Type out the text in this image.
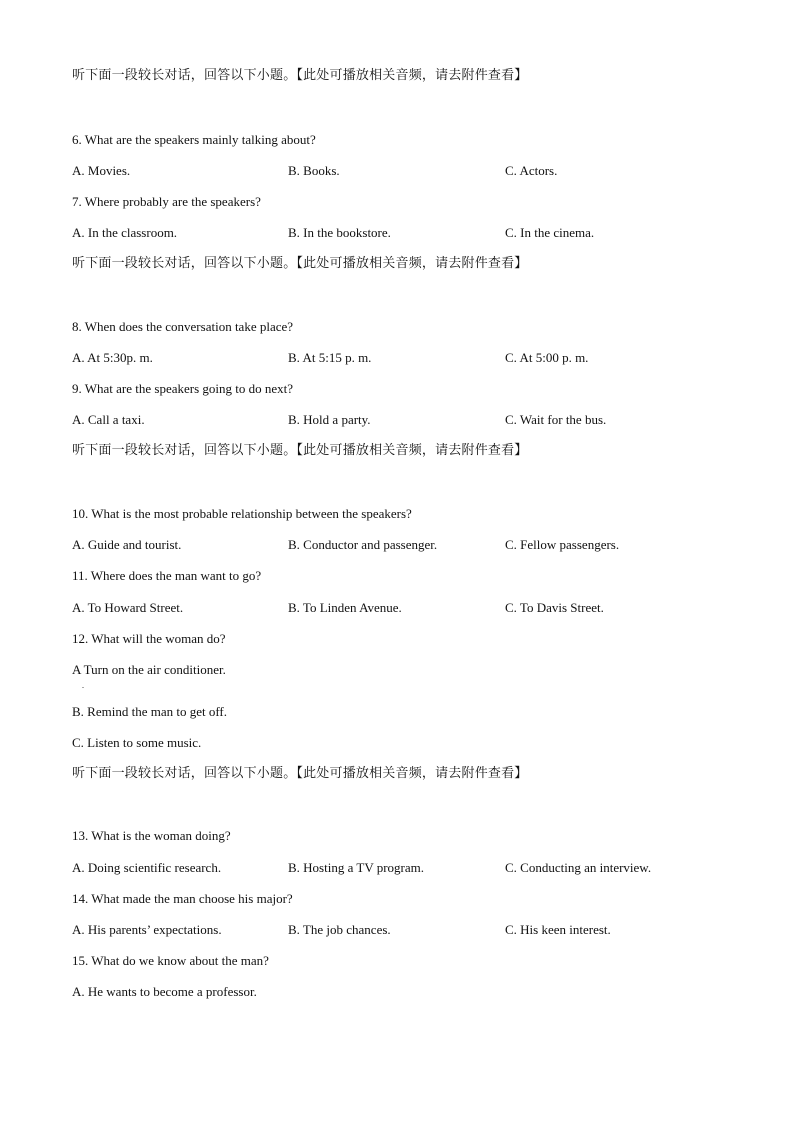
听下面一段较长对话，回答以下小题。【此处可播放相关音频，请去附件查看】
6. What are the speakers mainly talking about?
A. Movies.	B. Books.	C. Actors.
7. Where probably are the speakers?
A. In the classroom.	B. In the bookstore.	C. In the cinema.
听下面一段较长对话，回答以下小题。【此处可播放相关音频，请去附件查看】
8. When does the conversation take place?
A. At 5:30p. m.	B. At 5:15 p. m.	C. At 5:00 p. m.
9. What are the speakers going to do next?
A. Call a taxi.	B. Hold a party.	C. Wait for the bus.
听下面一段较长对话，回答以下小题。【此处可播放相关音频，请去附件查看】
10. What is the most probable relationship between the speakers?
A. Guide and tourist.	B. Conductor and passenger.	C. Fellow passengers.
11. Where does the man want to go?
A. To Howard Street.	B. To Linden Avenue.	C. To Davis Street.
12. What will the woman do?
A Turn on the air conditioner.
.
B. Remind the man to get off.
C. Listen to some music.
听下面一段较长对话，回答以下小题。【此处可播放相关音频，请去附件查看】
13. What is the woman doing?
A. Doing scientific research.	B. Hosting a TV program.	C. Conducting an interview.
14. What made the man choose his major?
A. His parents’ expectations.	B. The job chances.	C. His keen interest.
15. What do we know about the man?
A. He wants to become a professor.
